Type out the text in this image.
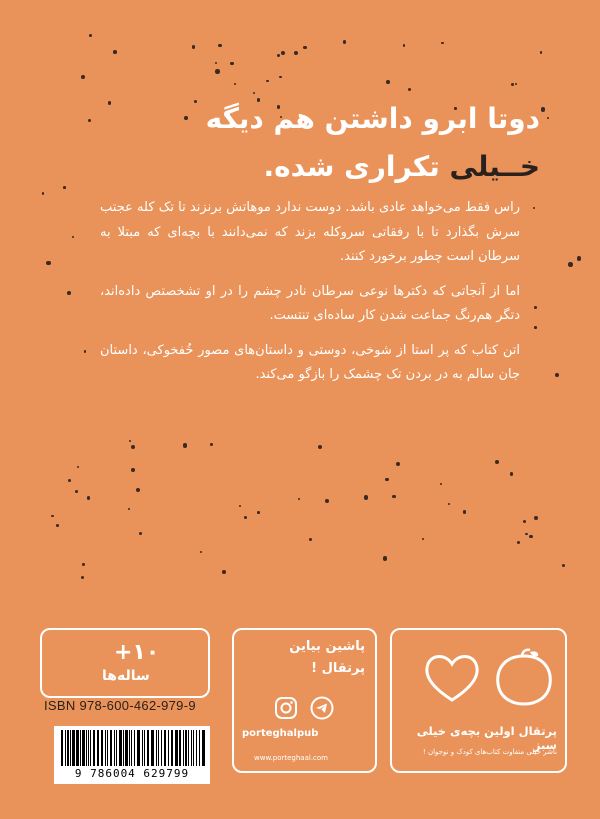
دوتا ابرو داشتن هم دیگه
خــیلی تکراری شده.

راس فقط می‌خواهد عادی باشد. دوست ندارد موهاتش برنزند تا تک کله عجتب سرش بگذارد تا با رفقاتی سروکله بزند که نمی‌دانند با بچه‌ای که مبتلا به سرطان است چطور برخورد کنند.

اما از آنجاتی که دکترها نوعی سرطان نادر چشم را در او تشخصتص داده‌اند، دتگر هم‌رنگ جماعت شدن کار ساده‌ای تنتست.

اتن کتاب که پر استا از شوخی، دوستی و داستان‌های مصور خُفخوکی، داستان جان سالم به در بردن تک چشمک را بازگو می‌کند.

+۱۰
ساله‌ها
ISBN 978-600-462-979-9
9 786004 629799
پاشین بیاین
پرتقال !
porteghalpub
www.porteghaal.com
پرتقال اولین بچه‌ی خیلی سبز
ناشر خیلی متفاوت کتاب‌های کودک و نوجوان !
